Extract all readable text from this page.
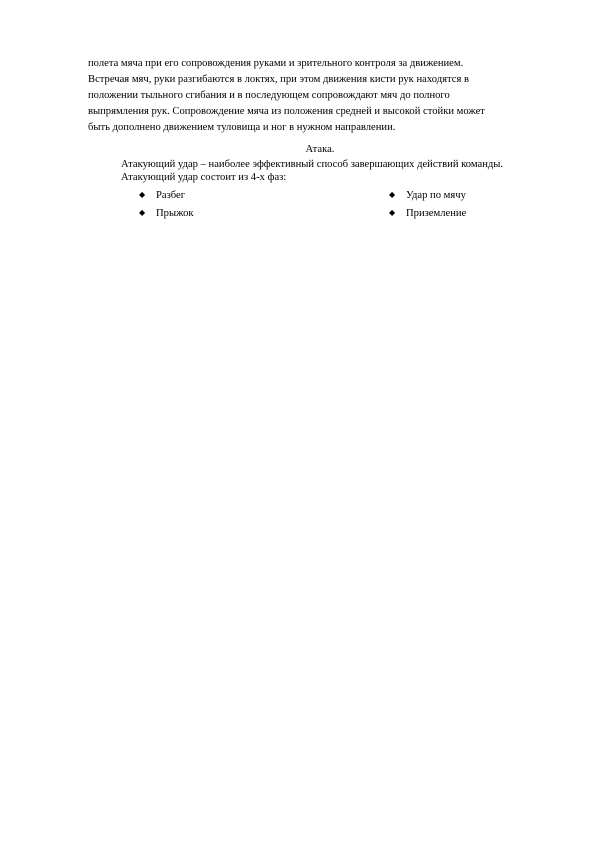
полета мяча при его сопровождения руками и зрительного контроля за движением.
Встречая мяч, руки разгибаются в локтях, при этом движения кисти рук находятся в
положении тыльного сгибания и в последующем сопровождают мяч до полного
выпрямления рук. Сопровождение мяча из положения средней и высокой стойки может
быть дополнено движением туловища и ног в нужном направлении.
Атака.
Атакующий удар – наиболее эффективный способ завершающих действий команды.
Атакующий удар состоит из 4-х фаз:
◆ Разбег
◆ Прыжок
◆ Удар по мячу
◆ Приземление
